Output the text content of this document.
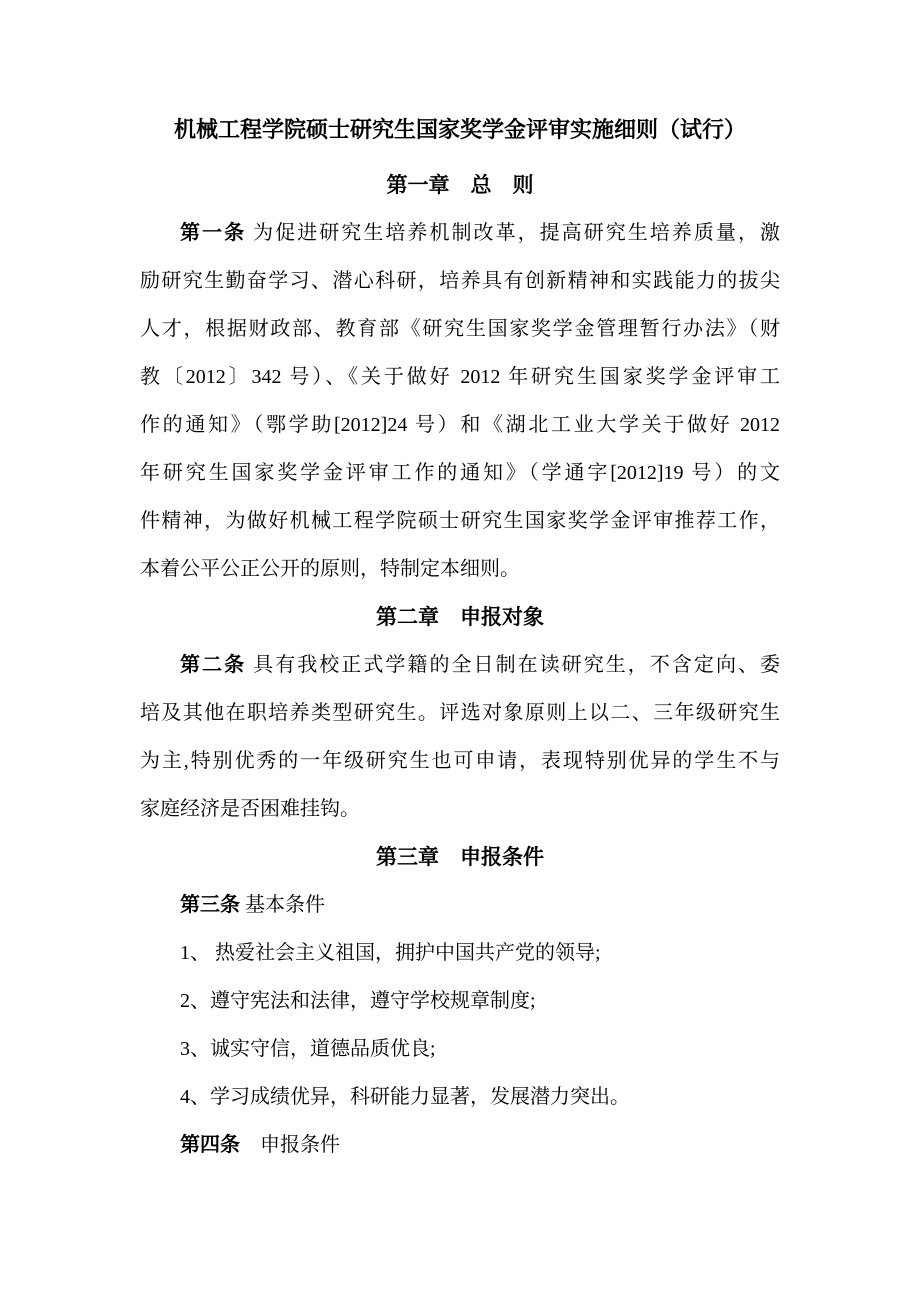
机械工程学院硕士研究生国家奖学金评审实施细则（试行）
第一章　总　则

第一条 为促进研究生培养机制改革，提高研究生培养质量，激

励研究生勤奋学习、潜心科研，培养具有创新精神和实践能力的拔尖

人才，根据财政部、教育部《研究生国家奖学金管理暂行办法》（财

教〔2012〕342 号）、《关于做好 2012 年研究生国家奖学金评审工

作的通知》（鄂学助[2012]24 号）和《湖北工业大学关于做好 2012

年研究生国家奖学金评审工作的通知》（学通字[2012]19 号）的文

件精神，为做好机械工程学院硕士研究生国家奖学金评审推荐工作，

本着公平公正公开的原则，特制定本细则。

第二章　申报对象

第二条 具有我校正式学籍的全日制在读研究生，不含定向、委

培及其他在职培养类型研究生。评选对象原则上以二、三年级研究生

为主,特别优秀的一年级研究生也可申请，表现特别优异的学生不与

家庭经济是否困难挂钩。

第三章　申报条件

第三条 基本条件

1、 热爱社会主义祖国，拥护中国共产党的领导;

2、遵守宪法和法律，遵守学校规章制度;

3、诚实守信，道德品质优良;

4、学习成绩优异，科研能力显著，发展潜力突出。

第四条　申报条件
